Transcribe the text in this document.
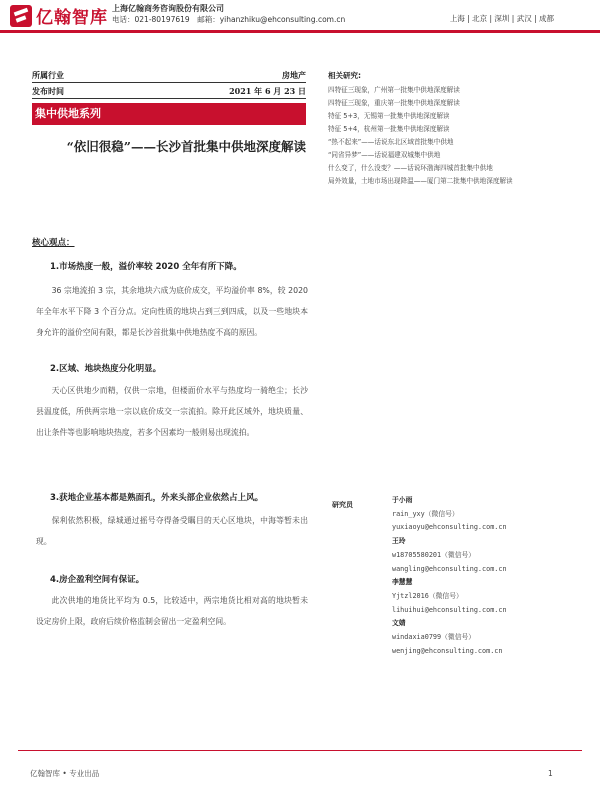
亿翰智库 上海亿翰商务咨询股份有限公司
电话：021-80197619　邮箱：yihanzhiku@ehconsulting.com.cn	上海 | 北京 | 深圳 | 武汉 | 成都
所属行业	房地产
发布时间	2021 年 6 月 23 日
集中供地系列
“依旧很稳”——长沙首批集中供地深度解读
核心观点：
1.市场热度一般，溢价率较 2020 全年有所下降。
36 宗地流拍 3 宗，其余地块六成为底价成交，平均溢价率 8%，较 2020 年全年水平下降 3 个百分点。定向性质的地块占到三到四成，以及一些地块本身允许的溢价空间有限，都是长沙首批集中供地热度不高的原因。
2.区域、地块热度分化明显。
天心区供地少而精，仅供一宗地，但楼面价水平与热度均一骑绝尘；长沙县温度低，所供两宗地一宗以底价成交一宗流拍。除开此区域外，地块质量、出让条件等也影响地块热度，若多个因素均一般则易出现流拍。
3.获地企业基本都是熟面孔，外来头部企业依然占上风。
保利依然积极，绿城通过摇号夺得备受瞩目的天心区地块，中海等暂未出现。
4.房企盈利空间有保证。
此次供地的地货比平均为 0.5，比较适中，两宗地货比相对高的地块暂未设定房价上限，政府后续价格监制会留出一定盈利空间。
相关研究:
四特征三现象，广州第一批集中供地深度解读
四特征三现象，重庆第一批集中供地深度解读
特征 5+3，无锡第一批集中供地深度解读
特征 5+4，杭州第一批集中供地深度解读
“热不起来”——话说东北区域首批集中供地
“同省异梦”——话说福建双城集中供地
什么变了，什么没变？——话说环渤海四城首批集中供地
局外效量，土地市场出现降温——厦门第二批集中供地深度解读
研究员
于小雨
rain_yxy（微信号）
yuxiaoyu@ehconsulting.com.cn
王玲
w18705580201（微信号）
wangling@ehconsulting.com.cn
李慧慧
Yjtzl2016（微信号）
lihuihui@ehconsulting.com.cn
文婧
windaxia0799（微信号）
wenjing@ehconsulting.com.cn
亿翰智库 • 专业出品	1
